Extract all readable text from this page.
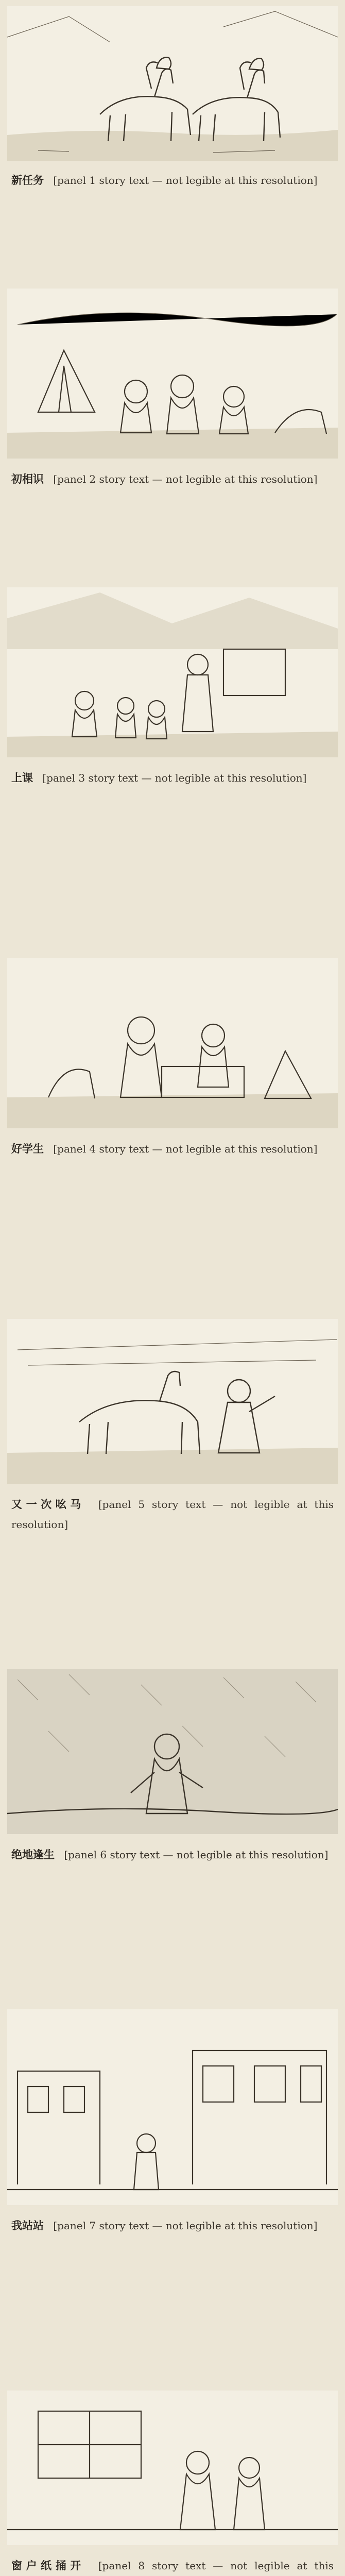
新任务 [panel 1 story text — not legible at this resolution]
初相识 [panel 2 story text — not legible at this resolution]
上课 [panel 3 story text — not legible at this resolution]
好学生 [panel 4 story text — not legible at this resolution]
又一次吆马 [panel 5 story text — not legible at this resolution]
绝地逢生 [panel 6 story text — not legible at this resolution]
我站站 [panel 7 story text — not legible at this resolution]
窗户纸捅开 [panel 8 story text — not legible at this
